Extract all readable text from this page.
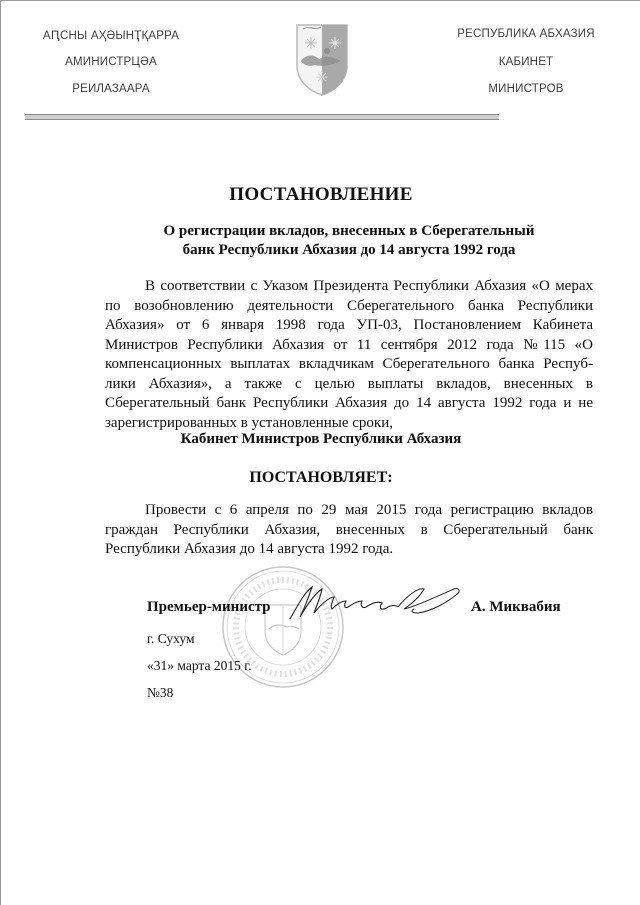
АԤСНЫ АҲӘЫНҬҚАРРА
АМИНИСТРЦӘА
РЕИЛАЗААРА
РЕСПУБЛИКА АБХАЗИЯ
КАБИНЕТ
МИНИСТРОВ
ПОСТАНОВЛЕНИЕ
О регистрации вкладов, внесенных в Сберегательный
банк Республики Абхазия до 14 августа 1992 года
В соответствии с Указом Президента Республики Абхазия «О мерах по возобновлению деятельности Сберегательного банка Республики Абхазия» от 6 января 1998 года УП-03, Постановлением Кабинета Министров Республики Абхазия от 11 сентября 2012 года №115 «О компенсационных выплатах вкладчикам Сберегательного банка Республики Абхазия», а также с целью выплаты вкладов, внесенных в Сберегательный банк Республики Абхазия до 14 августа 1992 года и не зарегистрированных в установленные сроки,
Кабинет Министров Республики Абхазия
ПОСТАНОВЛЯЕТ:
Провести с 6 апреля по 29 мая 2015 года регистрацию вкладов граждан Республики Абхазия, внесенных в Сберегательный банк Республики Абхазия до 14 августа 1992 года.
Премьер-министр	А. Миквабия
г. Сухум
«31» марта 2015 г.
№38
